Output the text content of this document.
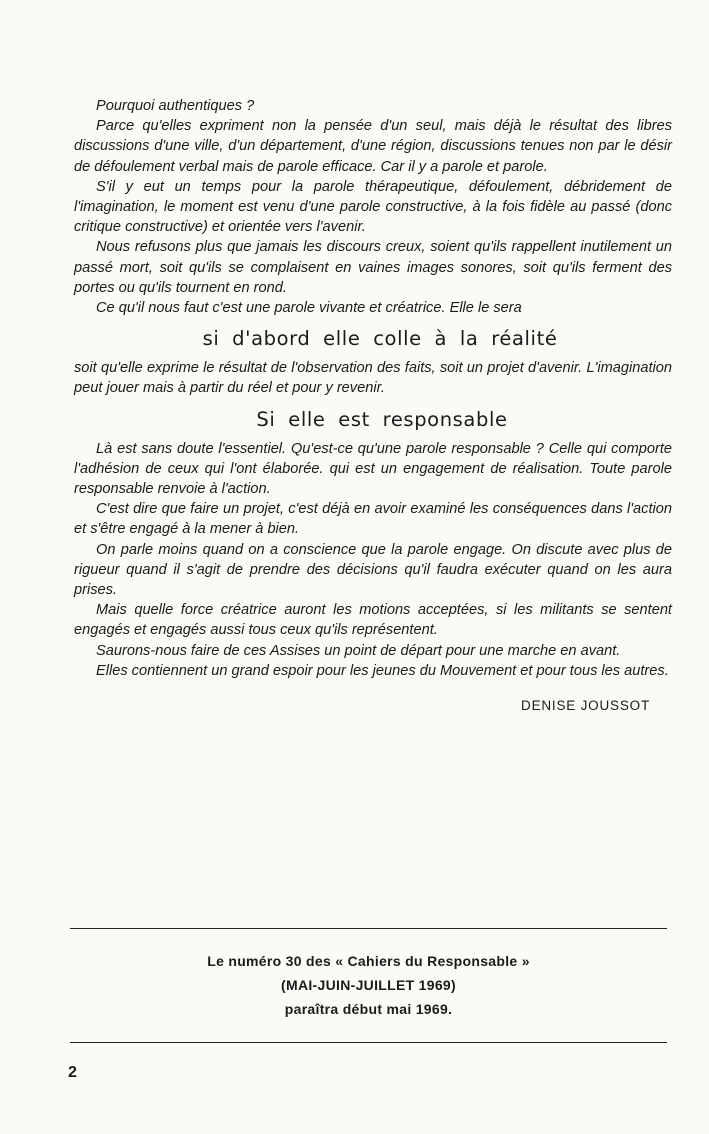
Pourquoi authentiques ?

Parce qu'elles expriment non la pensée d'un seul, mais déjà le résultat des libres discussions d'une ville, d'un département, d'une région, discussions tenues non par le désir de défoulement verbal mais de parole efficace. Car il y a parole et parole.

S'il y eut un temps pour la parole thérapeutique, défoulement, débridement de l'imagination, le moment est venu d'une parole constructive, à la fois fidèle au passé (donc critique constructive) et orientée vers l'avenir.

Nous refusons plus que jamais les discours creux, soient qu'ils rappellent inutilement un passé mort, soit qu'ils se complaisent en vaines images sonores, soit qu'ils ferment des portes ou qu'ils tournent en rond.

Ce qu'il nous faut c'est une parole vivante et créatrice. Elle le sera

si d'abord elle colle à la réalité

soit qu'elle exprime le résultat de l'observation des faits, soit un projet d'avenir. L'imagination peut jouer mais à partir du réel et pour y revenir.

Si elle est responsable

Là est sans doute l'essentiel. Qu'est-ce qu'une parole responsable ? Celle qui comporte l'adhésion de ceux qui l'ont élaborée. qui est un engagement de réalisation. Toute parole responsable renvoie à l'action.

C'est dire que faire un projet, c'est déjà en avoir examiné les conséquences dans l'action et s'être engagé à la mener à bien.

On parle moins quand on a conscience que la parole engage. On discute avec plus de rigueur quand il s'agit de prendre des décisions qu'il faudra exécuter quand on les aura prises.

Mais quelle force créatrice auront les motions acceptées, si les militants se sentent engagés et engagés aussi tous ceux qu'ils représentent.

Saurons-nous faire de ces Assises un point de départ pour une marche en avant.

Elles contiennent un grand espoir pour les jeunes du Mouvement et pour tous les autres.

DENISE JOUSSOT
Le numéro 30 des « Cahiers du Responsable »
(MAI-JUIN-JUILLET 1969)
paraîtra début mai 1969.
2
